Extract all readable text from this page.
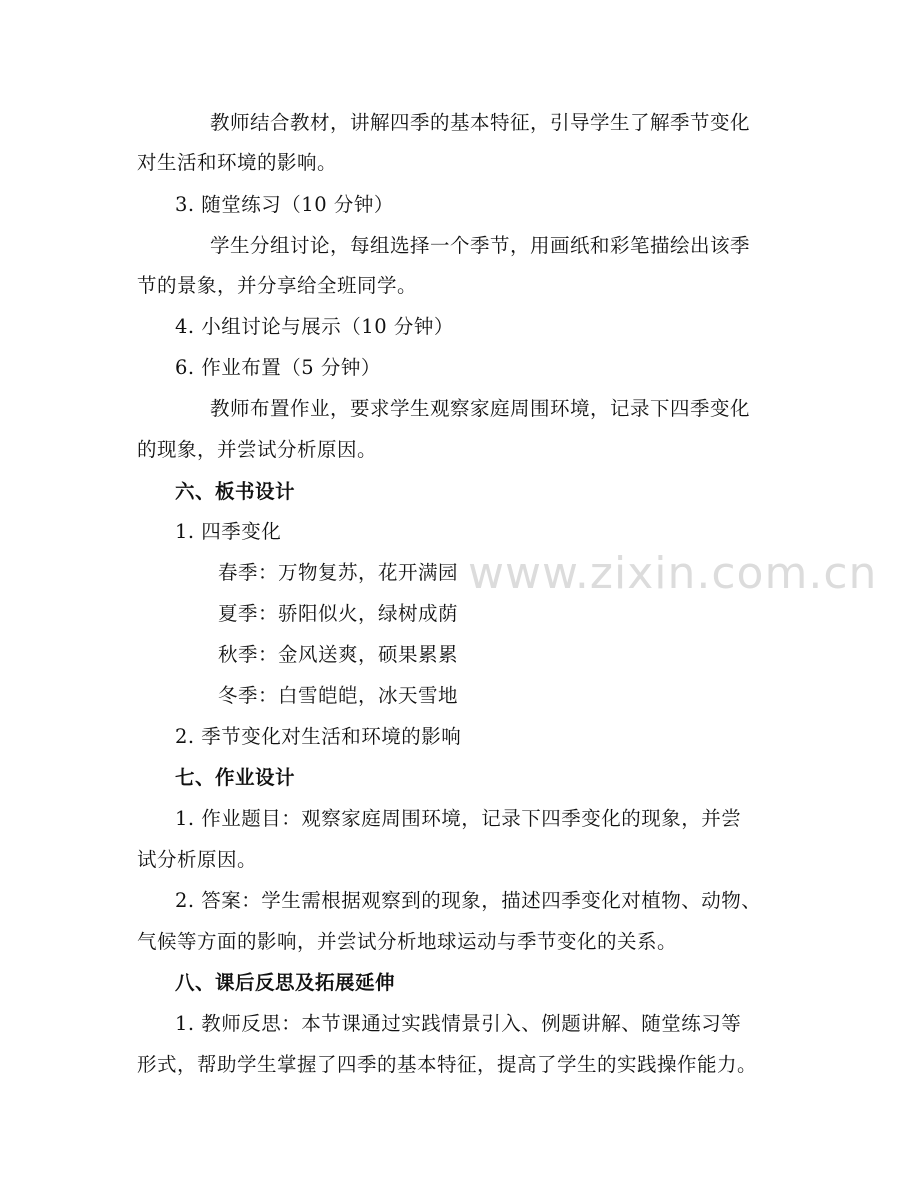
www.zixin.com.cn
教师结合教材，讲解四季的基本特征，引导学生了解季节变化
对生活和环境的影响。
3. 随堂练习（10 分钟）
学生分组讨论，每组选择一个季节，用画纸和彩笔描绘出该季
节的景象，并分享给全班同学。
4. 小组讨论与展示（10 分钟）
6. 作业布置（5 分钟）
教师布置作业，要求学生观察家庭周围环境，记录下四季变化
的现象，并尝试分析原因。
六、板书设计
1. 四季变化
春季：万物复苏，花开满园
夏季：骄阳似火，绿树成荫
秋季：金风送爽，硕果累累
冬季：白雪皑皑，冰天雪地
2. 季节变化对生活和环境的影响
七、作业设计
1. 作业题目：观察家庭周围环境，记录下四季变化的现象，并尝
试分析原因。
2. 答案：学生需根据观察到的现象，描述四季变化对植物、动物、
气候等方面的影响，并尝试分析地球运动与季节变化的关系。
八、课后反思及拓展延伸
1. 教师反思：本节课通过实践情景引入、例题讲解、随堂练习等
形式，帮助学生掌握了四季的基本特征，提高了学生的实践操作能力。
